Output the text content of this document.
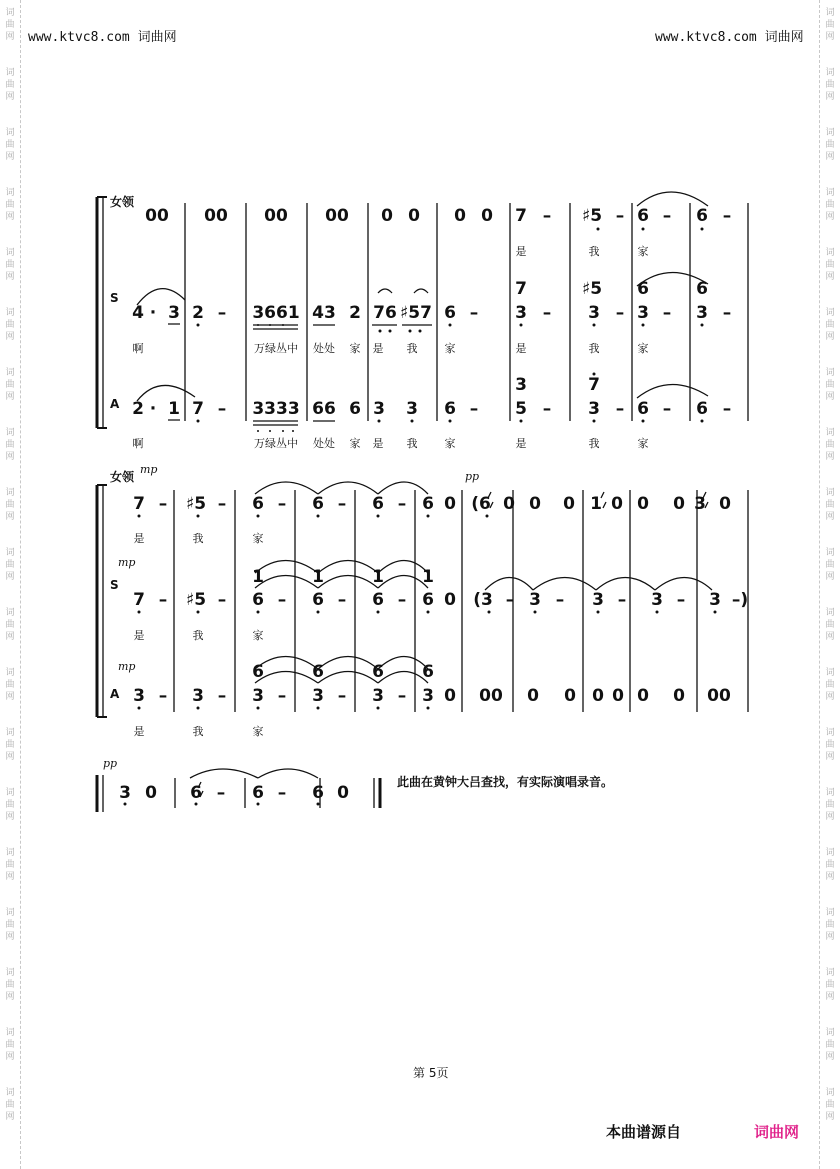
词
曲
网
词
曲
网
词
曲
网
词
曲
网
词
曲
网
词
曲
网
词
曲
网
词
曲
网
词
曲
网
词
曲
网
词
曲
网
词
曲
网
词
曲
网
词
曲
网
词
曲
网
词
曲
网
词
曲
网
词
曲
网
词
曲
网
词
曲
网
词
曲
网
词
曲
网
词
曲
网
词
曲
网
词
曲
网
词
曲
网
词
曲
网
词
曲
网
词
曲
网
词
曲
网
词
曲
网
词
曲
网
词
曲
网
词
曲
网
词
曲
网
词
曲
网
词
曲
网
词
曲
网
www.ktvc8.com 词曲网	www.ktvc8.com 词曲网
女领
S
A
女领
S
A
mp
mp
mp
pp
pp
00 00 00 00 0 0 0 0 7 – ♯5 – 6 – 6 –
是	我	家
7	♯5 6	6
4 · 3 2 – 3661 43 2 76 ♯57 6 – 3 – 3 – 3 – 3 –
啊	万绿丛中 处处 家 是 我 家	是	我	家
3	7
2 · 1 7 – 3333 66 6 3 3 6 – 5 – 3 – 6 – 6 –
啊	万绿丛中 处处 家 是 我 家	是	我	家
7 – ♯5 – 6 – 6 – 6 – 6 0 (6 0 0 0 1 0 0 0 3 0
是	我	家
1	1	1 1
7 – ♯5 – 6 – 6 – 6 – 6 0 (3 – 3 – 3 – 3 – 3 –)
是	我	家
6	6	6 6
3 – 3 – 3 – 3 – 3 – 3 0 00 0 0 0 0 0 0 00
是	我	家
3 0 6 – 6 – 6 0
此曲在黄钟大吕查找，有实际演唱录音。
第 5页
本曲谱源自	词曲网
